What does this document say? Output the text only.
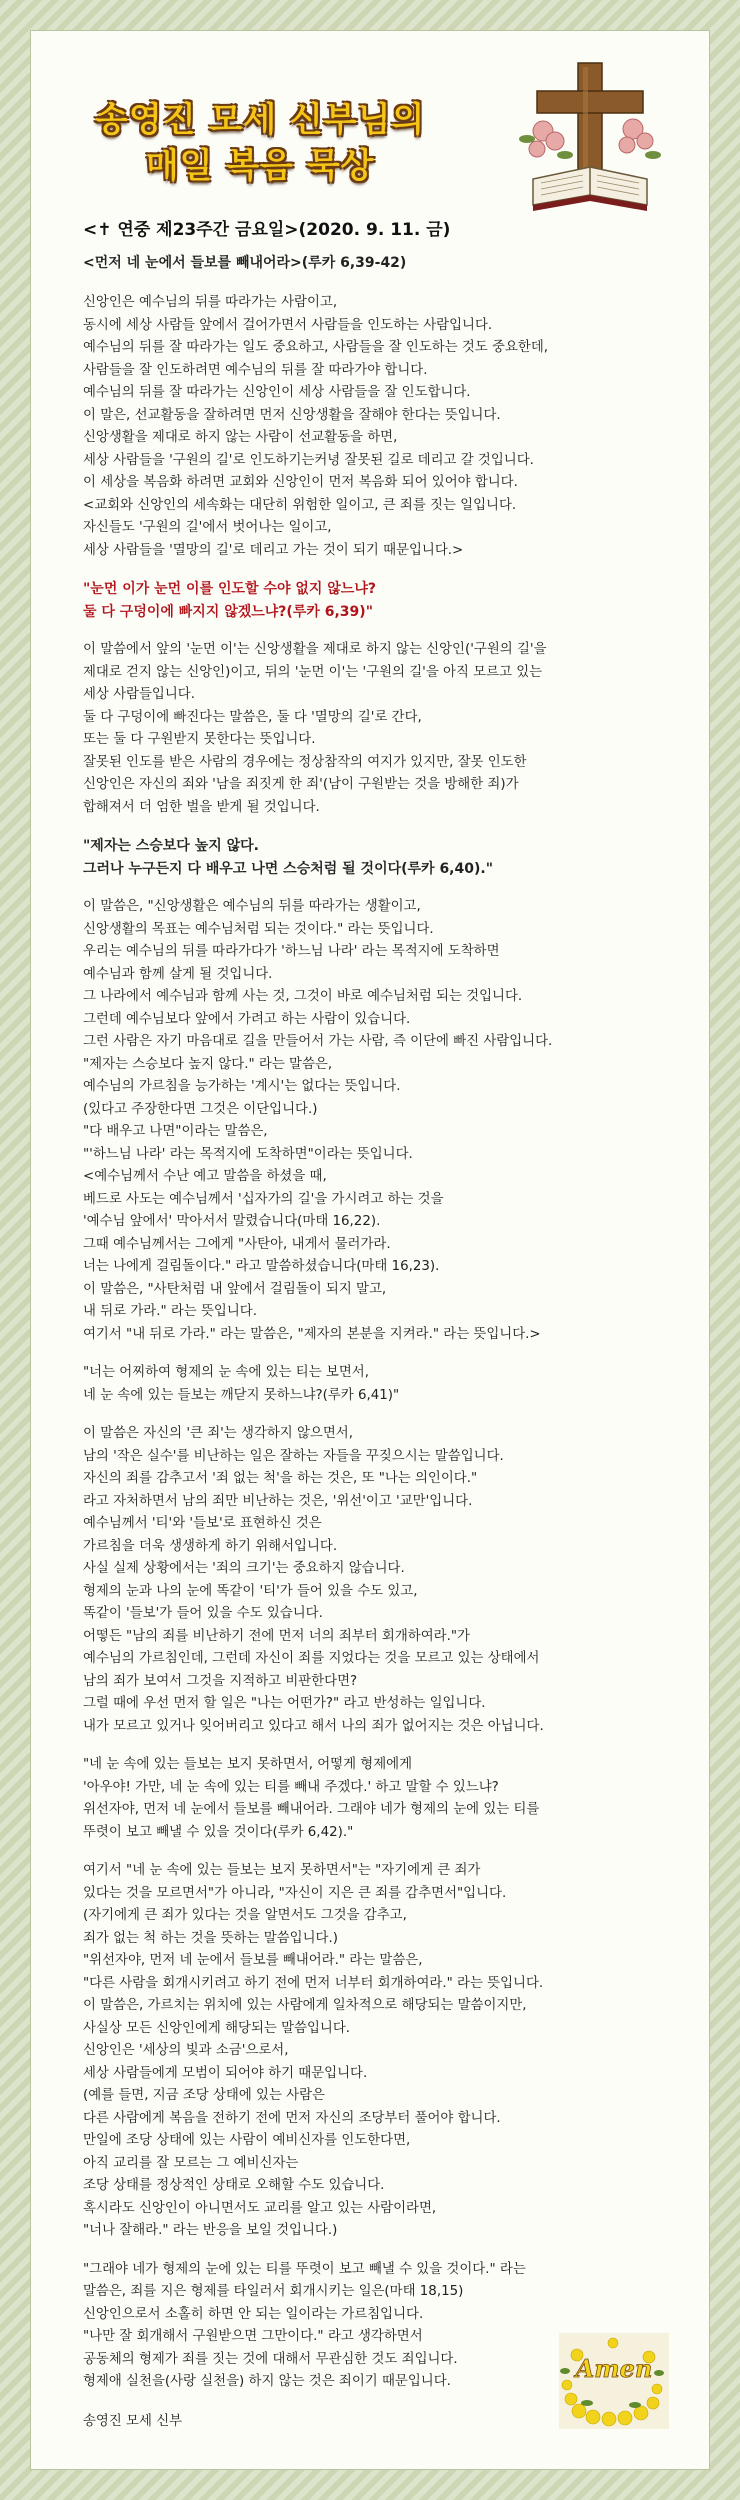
송영진 모세 신부님의
매일 복음 묵상
<✝ 연중 제23주간 금요일>(2020. 9. 11. 금)
<먼저 네 눈에서 들보를 빼내어라>(루카 6,39-42)

신앙인은 예수님의 뒤를 따라가는 사람이고,
동시에 세상 사람들 앞에서 걸어가면서 사람들을 인도하는 사람입니다.
예수님의 뒤를 잘 따라가는 일도 중요하고, 사람들을 잘 인도하는 것도 중요한데,
사람들을 잘 인도하려면 예수님의 뒤를 잘 따라가야 합니다.
예수님의 뒤를 잘 따라가는 신앙인이 세상 사람들을 잘 인도합니다.
이 말은, 선교활동을 잘하려면 먼저 신앙생활을 잘해야 한다는 뜻입니다.
신앙생활을 제대로 하지 않는 사람이 선교활동을 하면,
세상 사람들을 '구원의 길'로 인도하기는커녕 잘못된 길로 데리고 갈 것입니다.
이 세상을 복음화 하려면 교회와 신앙인이 먼저 복음화 되어 있어야 합니다.
<교회와 신앙인의 세속화는 대단히 위험한 일이고, 큰 죄를 짓는 일입니다.
자신들도 '구원의 길'에서 벗어나는 일이고,
세상 사람들을 '멸망의 길'로 데리고 가는 것이 되기 때문입니다.>

"눈먼 이가 눈먼 이를 인도할 수야 없지 않느냐?
둘 다 구덩이에 빠지지 않겠느냐?(루카 6,39)"

이 말씀에서 앞의 '눈먼 이'는 신앙생활을 제대로 하지 않는 신앙인('구원의 길'을
제대로 걷지 않는 신앙인)이고, 뒤의 '눈먼 이'는 '구원의 길'을 아직 모르고 있는
세상 사람들입니다.
둘 다 구덩이에 빠진다는 말씀은, 둘 다 '멸망의 길'로 간다,
또는 둘 다 구원받지 못한다는 뜻입니다.
잘못된 인도를 받은 사람의 경우에는 정상참작의 여지가 있지만, 잘못 인도한
신앙인은 자신의 죄와 '남을 죄짓게 한 죄'(남이 구원받는 것을 방해한 죄)가
합해져서 더 엄한 벌을 받게 될 것입니다.

"제자는 스승보다 높지 않다.
그러나 누구든지 다 배우고 나면 스승처럼 될 것이다(루카 6,40)."

이 말씀은, "신앙생활은 예수님의 뒤를 따라가는 생활이고,
신앙생활의 목표는 예수님처럼 되는 것이다." 라는 뜻입니다.
우리는 예수님의 뒤를 따라가다가 '하느님 나라' 라는 목적지에 도착하면
예수님과 함께 살게 될 것입니다.
그 나라에서 예수님과 함께 사는 것, 그것이 바로 예수님처럼 되는 것입니다.
그런데 예수님보다 앞에서 가려고 하는 사람이 있습니다.
그런 사람은 자기 마음대로 길을 만들어서 가는 사람, 즉 이단에 빠진 사람입니다.
"제자는 스승보다 높지 않다." 라는 말씀은,
예수님의 가르침을 능가하는 '계시'는 없다는 뜻입니다.
(있다고 주장한다면 그것은 이단입니다.)
"다 배우고 나면"이라는 말씀은,
"'하느님 나라' 라는 목적지에 도착하면"이라는 뜻입니다.
<예수님께서 수난 예고 말씀을 하셨을 때,
베드로 사도는 예수님께서 '십자가의 길'을 가시려고 하는 것을
'예수님 앞에서' 막아서서 말렸습니다(마태 16,22).
그때 예수님께서는 그에게 "사탄아, 내게서 물러가라.
너는 나에게 걸림돌이다." 라고 말씀하셨습니다(마태 16,23).
이 말씀은, "사탄처럼 내 앞에서 걸림돌이 되지 말고,
내 뒤로 가라." 라는 뜻입니다.
여기서 "내 뒤로 가라." 라는 말씀은, "제자의 본분을 지켜라." 라는 뜻입니다.>

"너는 어찌하여 형제의 눈 속에 있는 티는 보면서,
네 눈 속에 있는 들보는 깨닫지 못하느냐?(루카 6,41)"

이 말씀은 자신의 '큰 죄'는 생각하지 않으면서,
남의 '작은 실수'를 비난하는 일은 잘하는 자들을 꾸짖으시는 말씀입니다.
자신의 죄를 감추고서 '죄 없는 척'을 하는 것은, 또 "나는 의인이다."
라고 자처하면서 남의 죄만 비난하는 것은, '위선'이고 '교만'입니다.
예수님께서 '티'와 '들보'로 표현하신 것은
가르침을 더욱 생생하게 하기 위해서입니다.
사실 실제 상황에서는 '죄의 크기'는 중요하지 않습니다.
형제의 눈과 나의 눈에 똑같이 '티'가 들어 있을 수도 있고,
똑같이 '들보'가 들어 있을 수도 있습니다.
어떻든 "남의 죄를 비난하기 전에 먼저 너의 죄부터 회개하여라."가
예수님의 가르침인데, 그런데 자신이 죄를 지었다는 것을 모르고 있는 상태에서
남의 죄가 보여서 그것을 지적하고 비판한다면?
그럴 때에 우선 먼저 할 일은 "나는 어떤가?" 라고 반성하는 일입니다.
내가 모르고 있거나 잊어버리고 있다고 해서 나의 죄가 없어지는 것은 아닙니다.

"네 눈 속에 있는 들보는 보지 못하면서, 어떻게 형제에게
'아우야! 가만, 네 눈 속에 있는 티를 빼내 주겠다.' 하고 말할 수 있느냐?
위선자야, 먼저 네 눈에서 들보를 빼내어라. 그래야 네가 형제의 눈에 있는 티를
뚜렷이 보고 빼낼 수 있을 것이다(루카 6,42)."

여기서 "네 눈 속에 있는 들보는 보지 못하면서"는 "자기에게 큰 죄가
있다는 것을 모르면서"가 아니라, "자신이 지은 큰 죄를 감추면서"입니다.
(자기에게 큰 죄가 있다는 것을 알면서도 그것을 감추고,
죄가 없는 척 하는 것을 뜻하는 말씀입니다.)
"위선자야, 먼저 네 눈에서 들보를 빼내어라." 라는 말씀은,
"다른 사람을 회개시키려고 하기 전에 먼저 너부터 회개하여라." 라는 뜻입니다.
이 말씀은, 가르치는 위치에 있는 사람에게 일차적으로 해당되는 말씀이지만,
사실상 모든 신앙인에게 해당되는 말씀입니다.
신앙인은 '세상의 빛과 소금'으로서,
세상 사람들에게 모범이 되어야 하기 때문입니다.
(예를 들면, 지금 조당 상태에 있는 사람은
다른 사람에게 복음을 전하기 전에 먼저 자신의 조당부터 풀어야 합니다.
만일에 조당 상태에 있는 사람이 예비신자를 인도한다면,
아직 교리를 잘 모르는 그 예비신자는
조당 상태를 정상적인 상태로 오해할 수도 있습니다.
혹시라도 신앙인이 아니면서도 교리를 알고 있는 사람이라면,
"너나 잘해라." 라는 반응을 보일 것입니다.)

"그래야 네가 형제의 눈에 있는 티를 뚜렷이 보고 빼낼 수 있을 것이다." 라는
말씀은, 죄를 지은 형제를 타일러서 회개시키는 일은(마태 18,15)
신앙인으로서 소홀히 하면 안 되는 일이라는 가르침입니다.
"나만 잘 회개해서 구원받으면 그만이다." 라고 생각하면서
공동체의 형제가 죄를 짓는 것에 대해서 무관심한 것도 죄입니다.
형제애 실천을(사랑 실천을) 하지 않는 것은 죄이기 때문입니다.

송영진 모세 신부
Amen
